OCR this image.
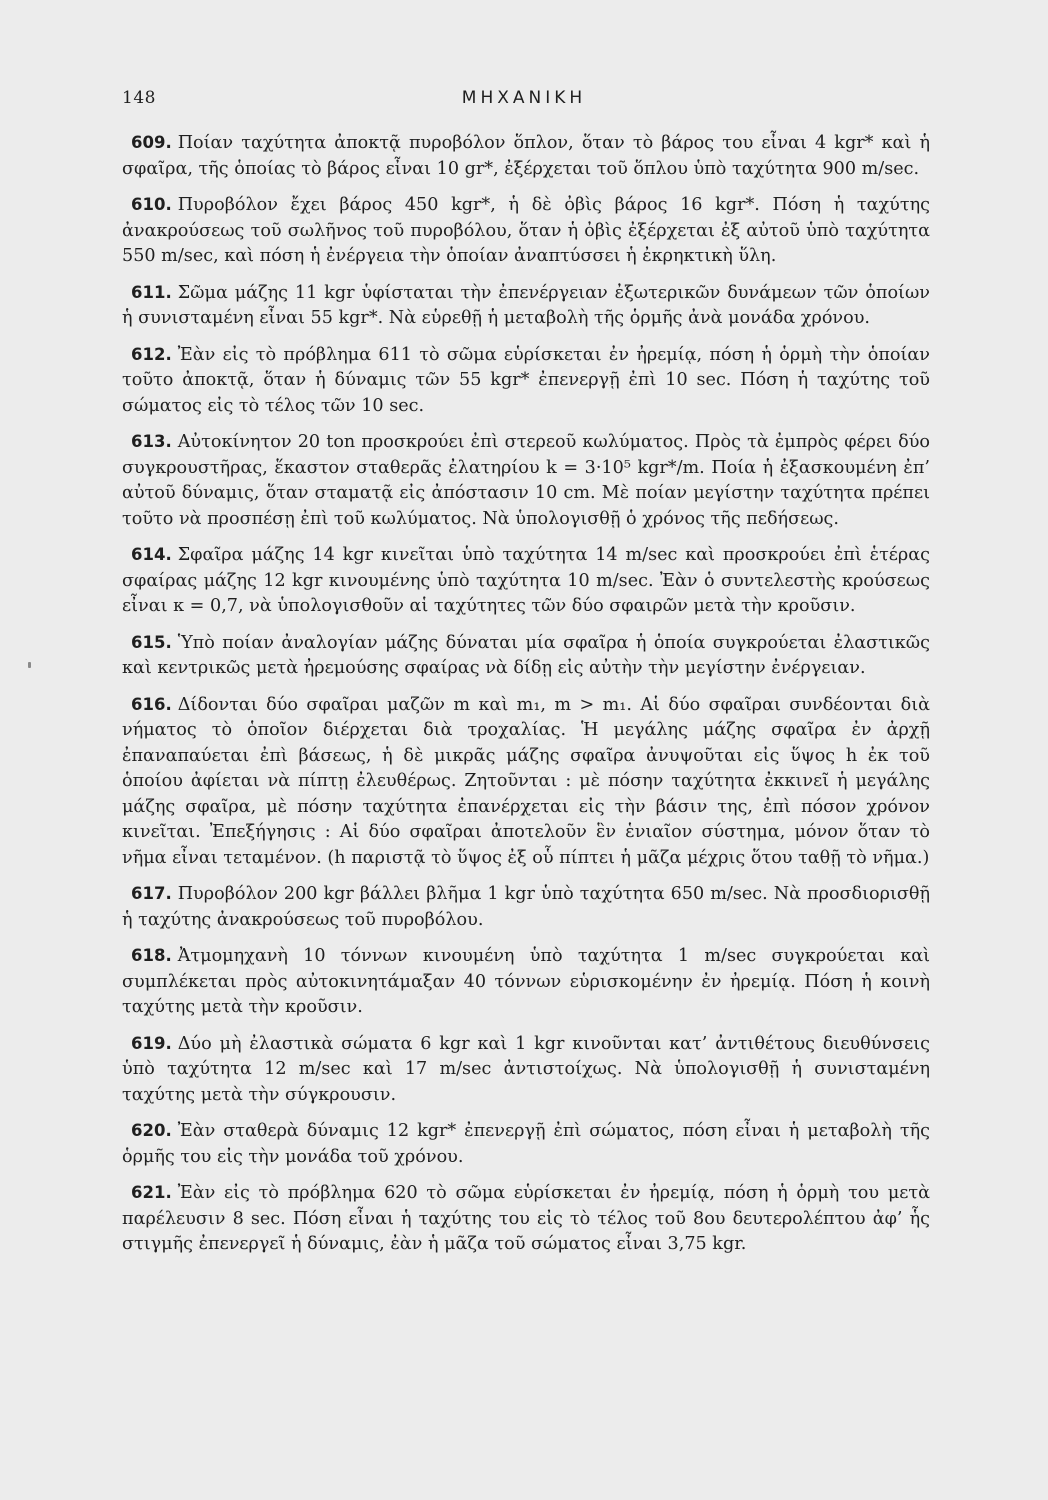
148	ΜΗΧΑΝΙΚΗ

609. Ποίαν ταχύτητα ἀποκτᾷ πυροβόλον ὅπλον, ὅταν τὸ βάρος του εἶναι 4 kgr* καὶ ἡ σφαῖρα, τῆς ὁποίας τὸ βάρος εἶναι 10 gr*, ἐξέρχεται τοῦ ὅπλου ὑπὸ ταχύτητα 900 m/sec.

610. Πυροβόλον ἔχει βάρος 450 kgr*, ἡ δὲ ὀβὶς βάρος 16 kgr*. Πόση ἡ ταχύτης ἀνακρούσεως τοῦ σωλῆνος τοῦ πυροβόλου, ὅταν ἡ ὀβὶς ἐξέρχεται ἐξ αὐτοῦ ὑπὸ ταχύτητα 550 m/sec, καὶ πόση ἡ ἐνέργεια τὴν ὁποίαν ἀναπτύσσει ἡ ἐκρηκτικὴ ὕλη.

611. Σῶμα μάζης 11 kgr ὑφίσταται τὴν ἐπενέργειαν ἐξωτερικῶν δυνάμεων τῶν ὁποίων ἡ συνισταμένη εἶναι 55 kgr*. Νὰ εὑρεθῇ ἡ μεταβολὴ τῆς ὁρμῆς ἀνὰ μονάδα χρόνου.

612. Ἐὰν εἰς τὸ πρόβλημα 611 τὸ σῶμα εὑρίσκεται ἐν ἠρεμίᾳ, πόση ἡ ὁρμὴ τὴν ὁποίαν τοῦτο ἀποκτᾷ, ὅταν ἡ δύναμις τῶν 55 kgr* ἐπενεργῇ ἐπὶ 10 sec. Πόση ἡ ταχύτης τοῦ σώματος εἰς τὸ τέλος τῶν 10 sec.

613. Αὐτοκίνητον 20 ton προσκρούει ἐπὶ στερεοῦ κωλύματος. Πρὸς τὰ ἐμπρὸς φέρει δύο συγκρουστῆρας, ἕκαστον σταθερᾶς ἐλατηρίου k = 3·10⁵ kgr*/m. Ποία ἡ ἐξασκουμένη ἐπ’ αὐτοῦ δύναμις, ὅταν σταματᾷ εἰς ἀπόστασιν 10 cm. Μὲ ποίαν μεγίστην ταχύτητα πρέπει τοῦτο νὰ προσπέσῃ ἐπὶ τοῦ κωλύματος. Νὰ ὑπολογισθῇ ὁ χρόνος τῆς πεδήσεως.

614. Σφαῖρα μάζης 14 kgr κινεῖται ὑπὸ ταχύτητα 14 m/sec καὶ προσκρούει ἐπὶ ἑτέρας σφαίρας μάζης 12 kgr κινουμένης ὑπὸ ταχύτητα 10 m/sec. Ἐὰν ὁ συντελεστὴς κρούσεως εἶναι κ = 0,7, νὰ ὑπολογισθοῦν αἱ ταχύτητες τῶν δύο σφαιρῶν μετὰ τὴν κροῦσιν.

615. Ὑπὸ ποίαν ἀναλογίαν μάζης δύναται μία σφαῖρα ἡ ὁποία συγκρούεται ἐλαστικῶς καὶ κεντρικῶς μετὰ ἠρεμούσης σφαίρας νὰ δίδῃ εἰς αὐτὴν τὴν μεγίστην ἐνέργειαν.

616. Δίδονται δύο σφαῖραι μαζῶν m καὶ m₁, m > m₁. Αἱ δύο σφαῖραι συνδέονται διὰ νήματος τὸ ὁποῖον διέρχεται διὰ τροχαλίας. Ἡ μεγάλης μάζης σφαῖρα ἐν ἀρχῇ ἐπαναπαύεται ἐπὶ βάσεως, ἡ δὲ μικρᾶς μάζης σφαῖρα ἀνυψοῦται εἰς ὕψος h ἐκ τοῦ ὁποίου ἀφίεται νὰ πίπτῃ ἐλευθέρως. Ζητοῦνται : μὲ πόσην ταχύτητα ἐκκινεῖ ἡ μεγάλης μάζης σφαῖρα, μὲ πόσην ταχύτητα ἐπανέρχεται εἰς τὴν βάσιν της, ἐπὶ πόσον χρόνον κινεῖται. Ἐπεξήγησις : Αἱ δύο σφαῖραι ἀποτελοῦν ἓν ἑνιαῖον σύστημα, μόνον ὅταν τὸ νῆμα εἶναι τεταμένον. (h παριστᾷ τὸ ὕψος ἐξ οὗ πίπτει ἡ μᾶζα μέχρις ὅτου ταθῇ τὸ νῆμα.)

617. Πυροβόλον 200 kgr βάλλει βλῆμα 1 kgr ὑπὸ ταχύτητα 650 m/sec. Νὰ προσδιορισθῇ ἡ ταχύτης ἀνακρούσεως τοῦ πυροβόλου.

618. Ἀτμομηχανὴ 10 τόννων κινουμένη ὑπὸ ταχύτητα 1 m/sec συγκρούεται καὶ συμπλέκεται πρὸς αὐτοκινητάμαξαν 40 τόννων εὑρισκομένην ἐν ἠρεμίᾳ. Πόση ἡ κοινὴ ταχύτης μετὰ τὴν κροῦσιν.

619. Δύο μὴ ἐλαστικὰ σώματα 6 kgr καὶ 1 kgr κινοῦνται κατ’ ἀντιθέτους διευθύνσεις ὑπὸ ταχύτητα 12 m/sec καὶ 17 m/sec ἀντιστοίχως. Νὰ ὑπολογισθῇ ἡ συνισταμένη ταχύτης μετὰ τὴν σύγκρουσιν.

620. Ἐὰν σταθερὰ δύναμις 12 kgr* ἐπενεργῇ ἐπὶ σώματος, πόση εἶναι ἡ μεταβολὴ τῆς ὁρμῆς του εἰς τὴν μονάδα τοῦ χρόνου.

621. Ἐὰν εἰς τὸ πρόβλημα 620 τὸ σῶμα εὑρίσκεται ἐν ἠρεμίᾳ, πόση ἡ ὁρμὴ του μετὰ παρέλευσιν 8 sec. Πόση εἶναι ἡ ταχύτης του εἰς τὸ τέλος τοῦ 8ου δευτερολέπτου ἀφ’ ἧς στιγμῆς ἐπενεργεῖ ἡ δύναμις, ἐὰν ἡ μᾶζα τοῦ σώματος εἶναι 3,75 kgr.
